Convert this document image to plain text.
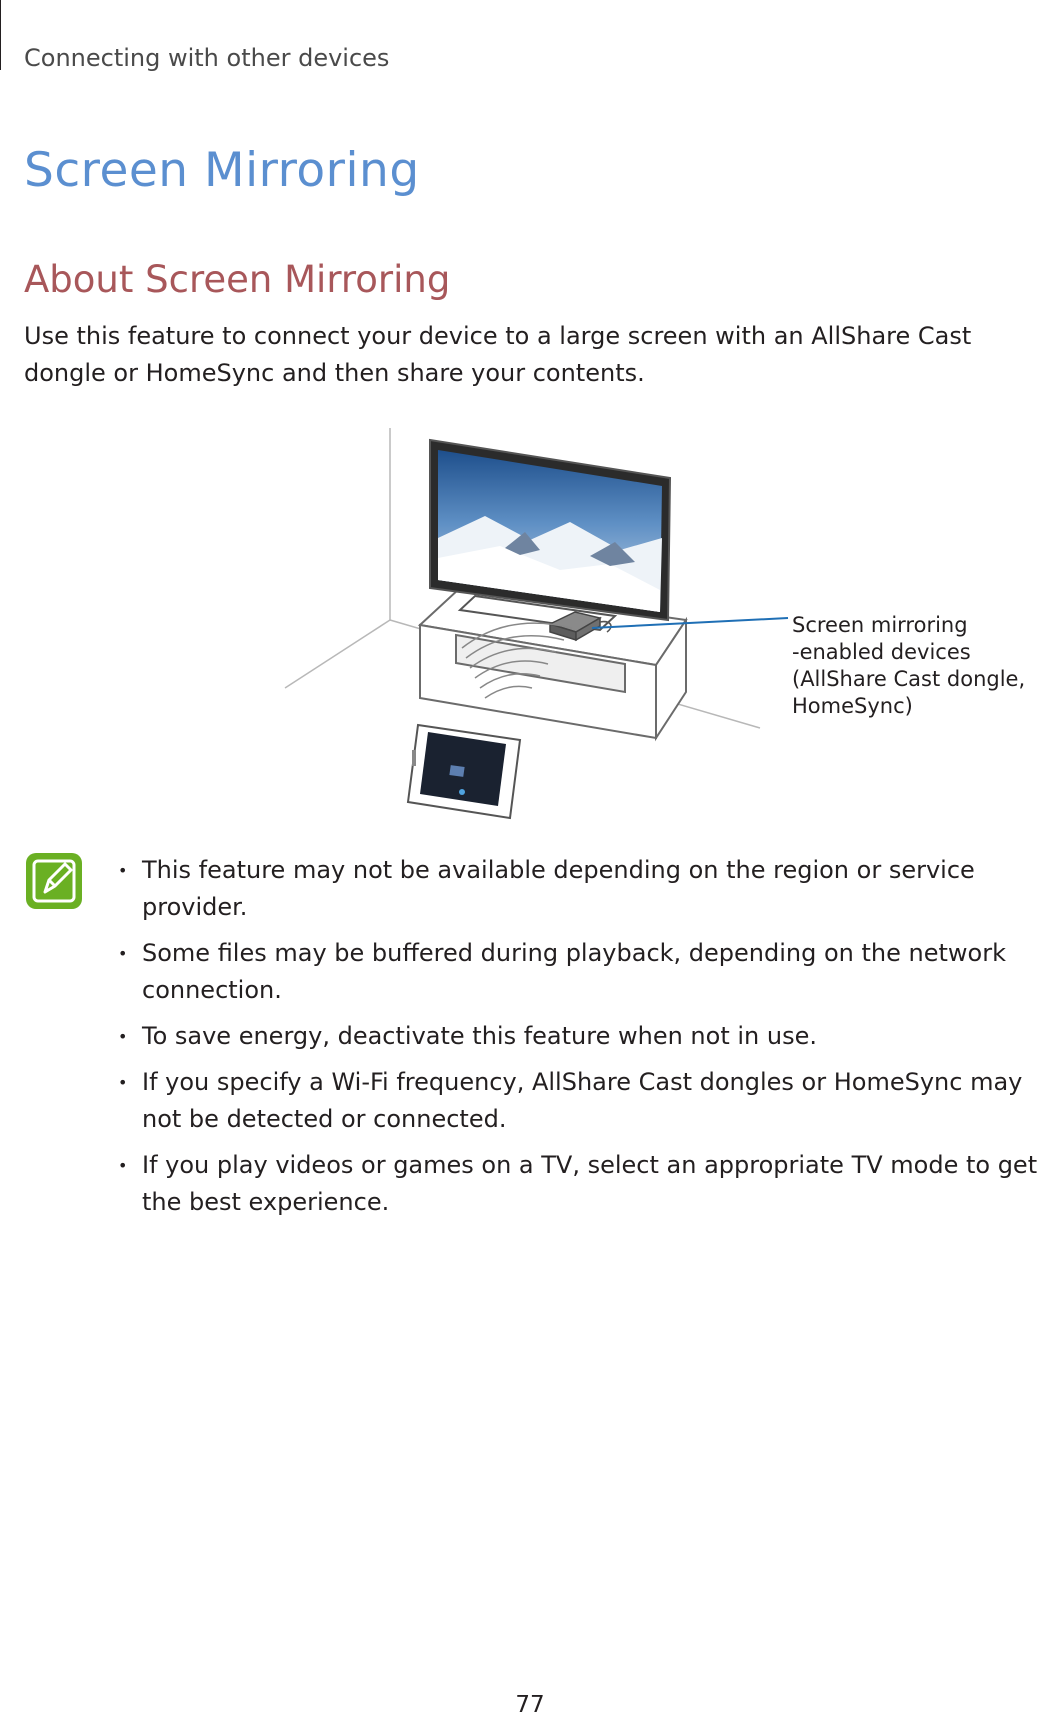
Connecting with other devices
Screen Mirroring
About Screen Mirroring

Use this feature to connect your device to a large screen with an AllShare Cast dongle or HomeSync and then share your contents.

Screen mirroring
-enabled devices
(AllShare Cast dongle,
HomeSync)
• This feature may not be available depending on the region or service provider.
• Some files may be buffered during playback, depending on the network connection.
• To save energy, deactivate this feature when not in use.
• If you specify a Wi-Fi frequency, AllShare Cast dongles or HomeSync may not be detected or connected.
• If you play videos or games on a TV, select an appropriate TV mode to get the best experience.
77
